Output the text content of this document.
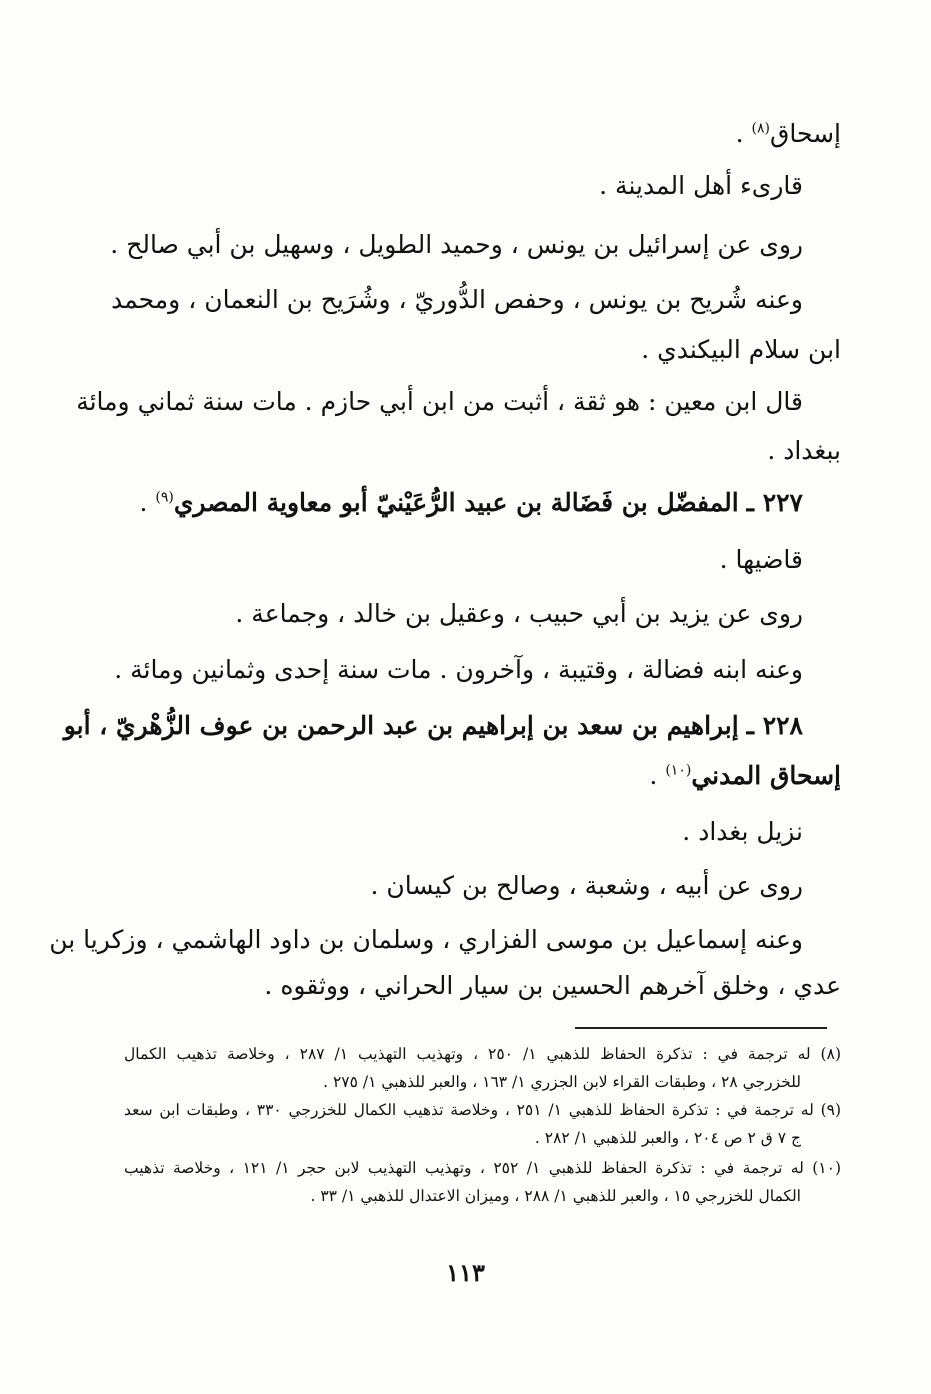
إسحاق$^{(٨)}$ .
قارىء أهل المدينة .
روى عن إسرائيل بن يونس ، وحميد الطويل ، وسهيل بن أبي صالح .
وعنه شُريح بن يونس ، وحفص الدُّوريّ ، وشُرَيح بن النعمان ، ومحمد
ابن سلام البيكندي .
قال ابن معين : هو ثقة ، أثبت من ابن أبي حازم . مات سنة ثماني ومائة
ببغداد .
٢٢٧ ـ المفضّل بن فَضَالة بن عبيد الرُّعَيْنيّ أبو معاوية المصري$^{(٩)}$ .
قاضيها .
روى عن يزيد بن أبي حبيب ، وعقيل بن خالد ، وجماعة .
وعنه ابنه فضالة ، وقتيبة ، وآخرون . مات سنة إحدى وثمانين ومائة .
٢٢٨ ـ إبراهيم بن سعد بن إبراهيم بن عبد الرحمن بن عوف الزُّهْريّ ، أبو
إسحاق المدني$^{(١٠)}$ .
نزيل بغداد .
روى عن أبيه ، وشعبة ، وصالح بن كيسان .
وعنه إسماعيل بن موسى الفزاري ، وسلمان بن داود الهاشمي ، وزكريا بن
عدي ، وخلق آخرهم الحسين بن سيار الحراني ، ووثقوه .
(٨) له ترجمة في : تذكرة الحفاظ للذهبي ١/ ٢٥٠ ، وتهذيب التهذيب ١/ ٢٨٧ ، وخلاصة تذهيب الكمال
للخزرجي ٢٨ ، وطبقات القراء لابن الجزري ١/ ١٦٣ ، والعبر للذهبي ١/ ٢٧٥ .
(٩) له ترجمة في : تذكرة الحفاظ للذهبي ١/ ٢٥١ ، وخلاصة تذهيب الكمال للخزرجي ٣٣٠ ، وطبقات ابن سعد
ج ٧ ق ٢ ص ٢٠٤ ، والعبر للذهبي ١/ ٢٨٢ .
(١٠) له ترجمة في : تذكرة الحفاظ للذهبي ١/ ٢٥٢ ، وتهذيب التهذيب لابن حجر ١/ ١٢١ ، وخلاصة تذهيب
الكمال للخزرجي ١٥ ، والعبر للذهبي ١/ ٢٨٨ ، وميزان الاعتدال للذهبي ١/ ٣٣ .
١١٣
